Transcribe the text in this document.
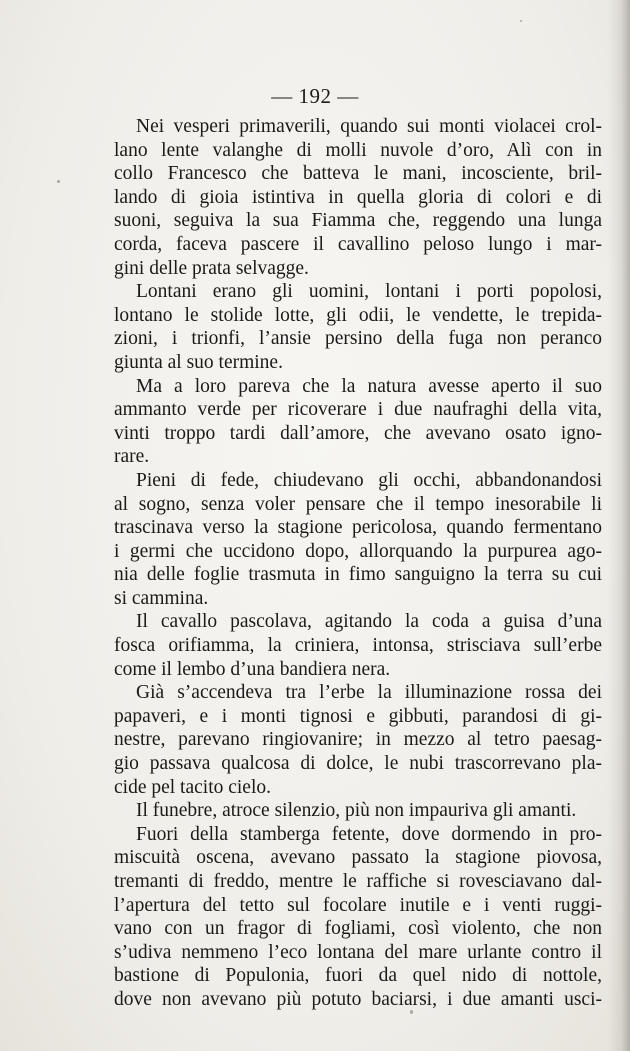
— 192 —
Nei vesperi primaverili, quando sui monti violacei crol-
lano lente valanghe di molli nuvole d’oro, Alì con in
collo Francesco che batteva le mani, incosciente, bril-
lando di gioia istintiva in quella gloria di colori e di
suoni, seguiva la sua Fiamma che, reggendo una lunga
corda, faceva pascere il cavallino peloso lungo i mar-
gini delle prata selvagge.
Lontani erano gli uomini, lontani i porti popolosi,
lontano le stolide lotte, gli odii, le vendette, le trepida-
zioni, i trionfi, l’ansie persino della fuga non peranco
giunta al suo termine.
Ma a loro pareva che la natura avesse aperto il suo
ammanto verde per ricoverare i due naufraghi della vita,
vinti troppo tardi dall’amore, che avevano osato igno-
rare.
Pieni di fede, chiudevano gli occhi, abbandonandosi
al sogno, senza voler pensare che il tempo inesorabile li
trascinava verso la stagione pericolosa, quando fermentano
i germi che uccidono dopo, allorquando la purpurea ago-
nia delle foglie trasmuta in fimo sanguigno la terra su cui
si cammina.
Il cavallo pascolava, agitando la coda a guisa d’una
fosca orifiamma, la criniera, intonsa, strisciava sull’erbe
come il lembo d’una bandiera nera.
Già s’accendeva tra l’erbe la illuminazione rossa dei
papaveri, e i monti tignosi e gibbuti, parandosi di gi-
nestre, parevano ringiovanire; in mezzo al tetro paesag-
gio passava qualcosa di dolce, le nubi trascorrevano pla-
cide pel tacito cielo.
Il funebre, atroce silenzio, più non impauriva gli amanti.
Fuori della stamberga fetente, dove dormendo in pro-
miscuità oscena, avevano passato la stagione piovosa,
tremanti di freddo, mentre le raffiche si rovesciavano dal-
l’apertura del tetto sul focolare inutile e i venti ruggi-
vano con un fragor di fogliami, così violento, che non
s’udiva nemmeno l’eco lontana del mare urlante contro il
bastione di Populonia, fuori da quel nido di nottole,
dove non avevano più potuto baciarsi, i due amanti usci-
